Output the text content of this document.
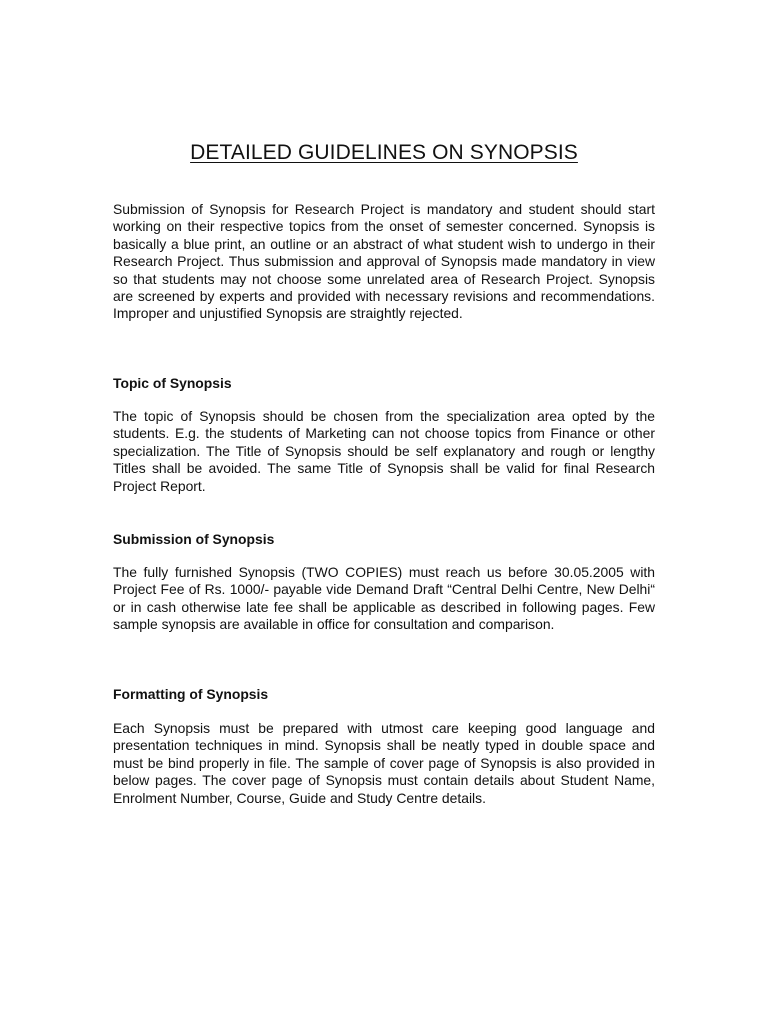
DETAILED GUIDELINES ON SYNOPSIS

Submission of Synopsis for Research Project is mandatory and student should start working on their respective topics from the onset of semester concerned. Synopsis is basically a blue print, an outline or an abstract of what student wish to undergo in their Research Project. Thus submission and approval of Synopsis made mandatory in view so that students may not choose some unrelated area of Research Project. Synopsis are screened by experts and provided with necessary revisions and recommendations. Improper and unjustified Synopsis are straightly rejected.

Topic of Synopsis

The topic of Synopsis should be chosen from the specialization area opted by the students. E.g. the students of Marketing can not choose topics from Finance or other specialization. The Title of Synopsis should be self explanatory and rough or lengthy Titles shall be avoided. The same Title of Synopsis shall be valid for final Research Project Report.

Submission of Synopsis

The fully furnished Synopsis (TWO COPIES) must reach us before 30.05.2005 with Project Fee of Rs. 1000/- payable vide Demand Draft “Central Delhi Centre, New Delhi“ or in cash otherwise late fee shall be applicable as described in following pages. Few sample synopsis are available in office for consultation and comparison.

Formatting of Synopsis

Each Synopsis must be prepared with utmost care keeping good language and presentation techniques in mind. Synopsis shall be neatly typed in double space and must be bind properly in file. The sample of cover page of Synopsis is also provided in below pages. The cover page of Synopsis must contain details about Student Name, Enrolment Number, Course, Guide and Study Centre details.
